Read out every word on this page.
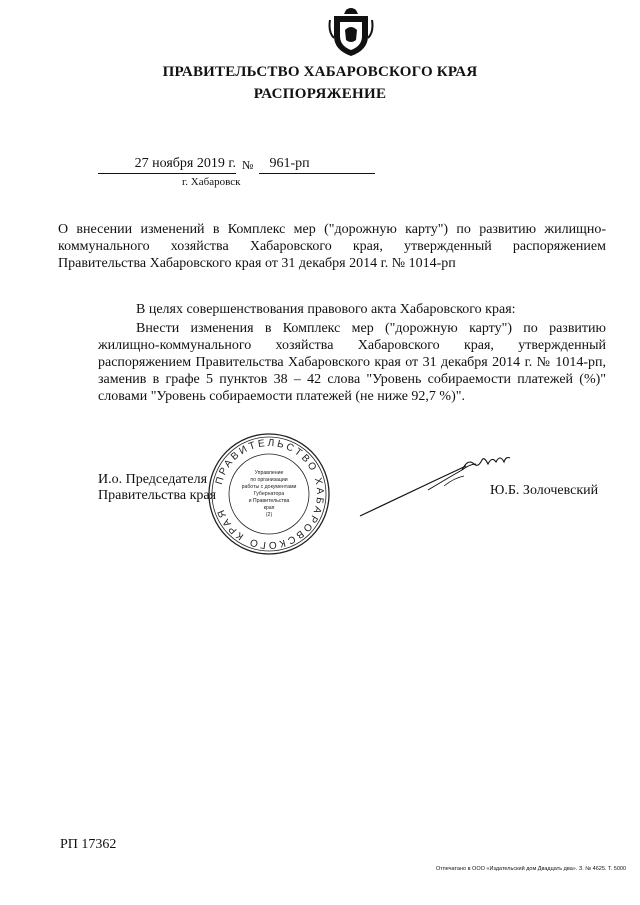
ПРАВИТЕЛЬСТВО ХАБАРОВСКОГО КРАЯ
РАСПОРЯЖЕНИЕ
27 ноября 2019 г. № 961-рп
г. Хабаровск
О внесении изменений в Комплекс мер ("дорожную карту") по развитию жилищно-коммунального хозяйства Хабаровского края, утвержденный распоряжением Правительства Хабаровского края от 31 декабря 2014 г. № 1014-рп
В целях совершенствования правового акта Хабаровского края:
Внести изменения в Комплекс мер ("дорожную карту") по развитию жилищно-коммунального хозяйства Хабаровского края, утвержденный распоряжением Правительства Хабаровского края от 31 декабря 2014 г. № 1014-рп, заменив в графе 5 пунктов 38 – 42 слова "Уровень собираемости платежей (%)" словами "Уровень собираемости платежей (не ниже 92,7 %)".
И.о. Председателя
Правительства края	Ю.Б. Золочевский
ПРАВИТЕЛЬСТВО ХАБАРОВСКОГО КРАЯ
Управление
по организации
работы с документами
Губернатора
и Правительства
края
(2)
РП 17362
Отпечатано в ООО «Издательский дом Двадцать два». З. № 4625. Т. 5000
